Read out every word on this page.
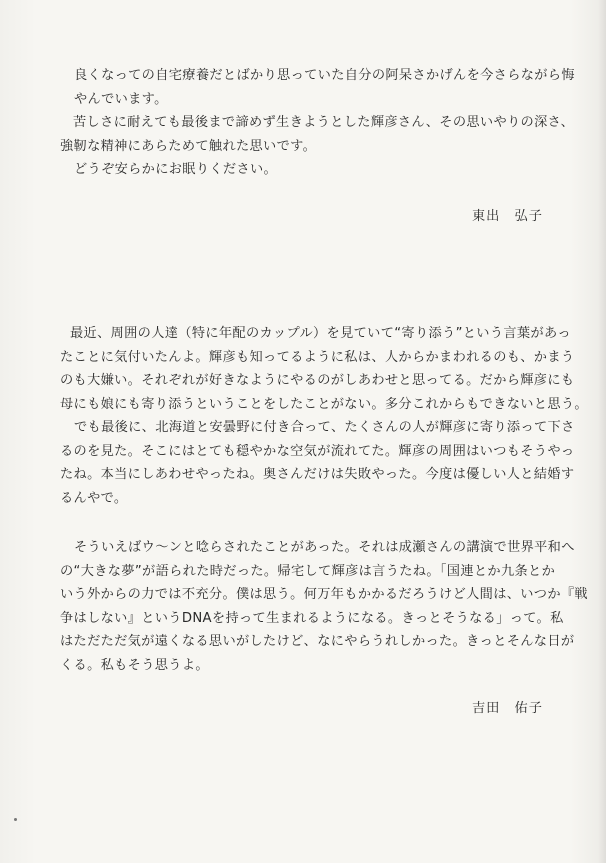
良くなっての自宅療養だとばかり思っていた自分の阿呆さかげんを今さらながら悔
やんでいます。
苦しさに耐えても最後まで諦めず生きようとした輝彦さん、その思いやりの深さ、
強靭な精神にあらためて触れた思いです。
どうぞ安らかにお眠りください。
東出　弘子
最近、周囲の人達（特に年配のカップル）を見ていて“寄り添う”という言葉があっ
たことに気付いたんよ。輝彦も知ってるように私は、人からかまわれるのも、かまう
のも大嫌い。それぞれが好きなようにやるのがしあわせと思ってる。だから輝彦にも
母にも娘にも寄り添うということをしたことがない。多分これからもできないと思う。
でも最後に、北海道と安曇野に付き合って、たくさんの人が輝彦に寄り添って下さ
るのを見た。そこにはとても穏やかな空気が流れてた。輝彦の周囲はいつもそうやっ
たね。本当にしあわせやったね。奥さんだけは失敗やった。今度は優しい人と結婚す
るんやで。
そういえばウ〜ンと唸らされたことがあった。それは成瀬さんの講演で世界平和へ
の“大きな夢”が語られた時だった。帰宅して輝彦は言うたね。「国連とか九条とか
いう外からの力では不充分。僕は思う。何万年もかかるだろうけど人間は、いつか『戦
争はしない』というDNAを持って生まれるようになる。きっとそうなる」って。私
はただただ気が遠くなる思いがしたけど、なにやらうれしかった。きっとそんな日が
くる。私もそう思うよ。
吉田　佑子
